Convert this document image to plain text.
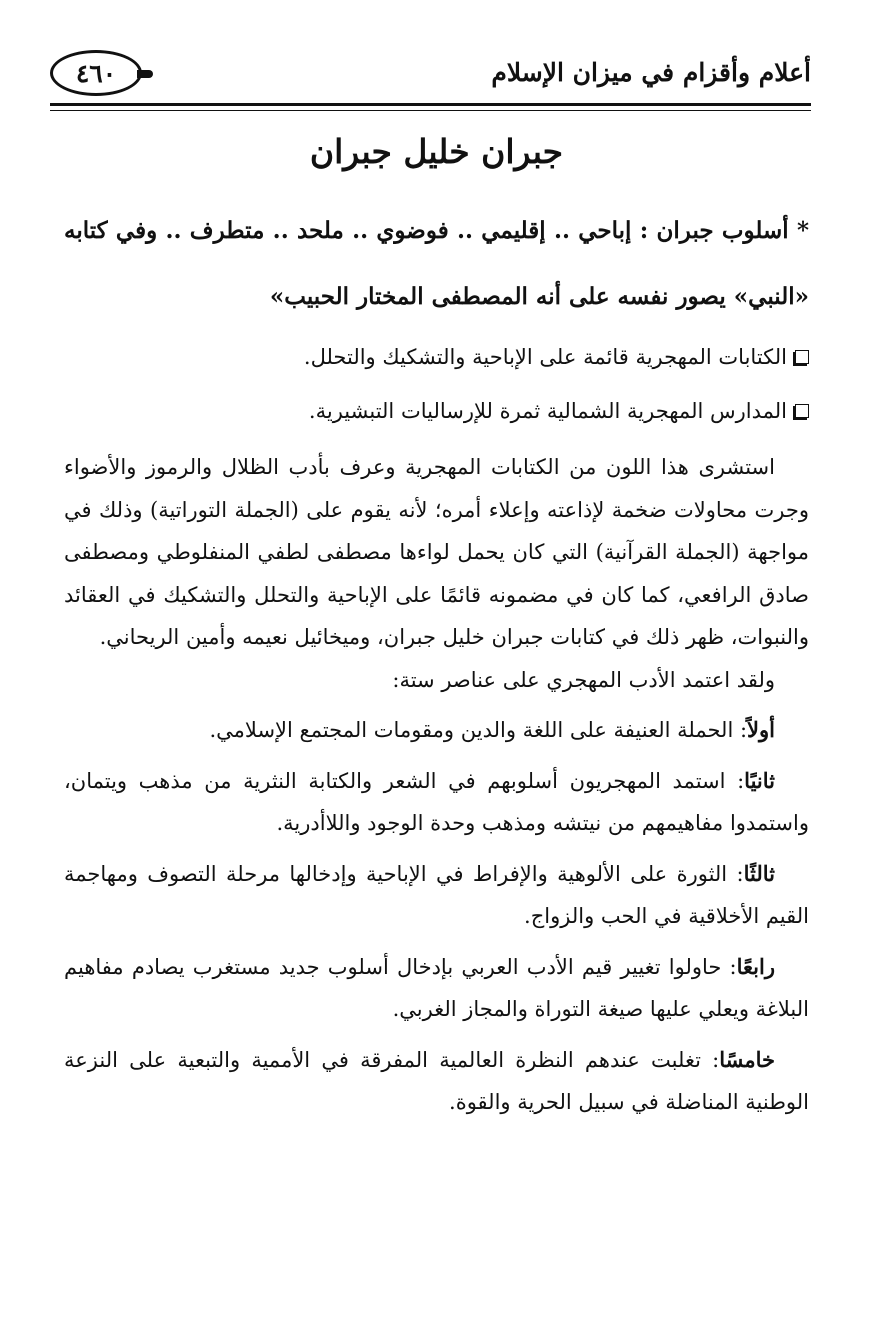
أعلام وأقزام في ميزان الإسلام
٤٦٠
جبران خليل جبران

* أسلوب جبران : إباحي .. إقليمي .. فوضوي .. ملحد .. متطرف .. وفي كتابه «النبي» يصور نفسه على أنه المصطفى المختار الحبيب»

الكتابات المهجرية قائمة على الإباحية والتشكيك والتحلل.
المدارس المهجرية الشمالية ثمرة للإرساليات التبشيرية.

استشرى هذا اللون من الكتابات المهجرية وعرف بأدب الظلال والرموز والأضواء وجرت محاولات ضخمة لإذاعته وإعلاء أمره؛ لأنه يقوم على (الجملة التوراتية) وذلك في مواجهة (الجملة القرآنية) التي كان يحمل لواءها مصطفى لطفي المنفلوطي ومصطفى صادق الرافعي، كما كان في مضمونه قائمًا على الإباحية والتحلل والتشكيك في العقائد والنبوات، ظهر ذلك في كتابات جبران خليل جبران، وميخائيل نعيمه وأمين الريحاني.

ولقد اعتمد الأدب المهجري على عناصر ستة:

أولاً: الحملة العنيفة على اللغة والدين ومقومات المجتمع الإسلامي.

ثانيًا: استمد المهجريون أسلوبهم في الشعر والكتابة النثرية من مذهب ويتمان، واستمدوا مفاهيمهم من نيتشه ومذهب وحدة الوجود واللاأدرية.

ثالثًا: الثورة على الألوهية والإفراط في الإباحية وإدخالها مرحلة التصوف ومهاجمة القيم الأخلاقية في الحب والزواج.

رابعًا: حاولوا تغيير قيم الأدب العربي بإدخال أسلوب جديد مستغرب يصادم مفاهيم البلاغة ويعلي عليها صيغة التوراة والمجاز الغربي.

خامسًا: تغلبت عندهم النظرة العالمية المفرقة في الأممية والتبعية على النزعة الوطنية المناضلة في سبيل الحرية والقوة.
